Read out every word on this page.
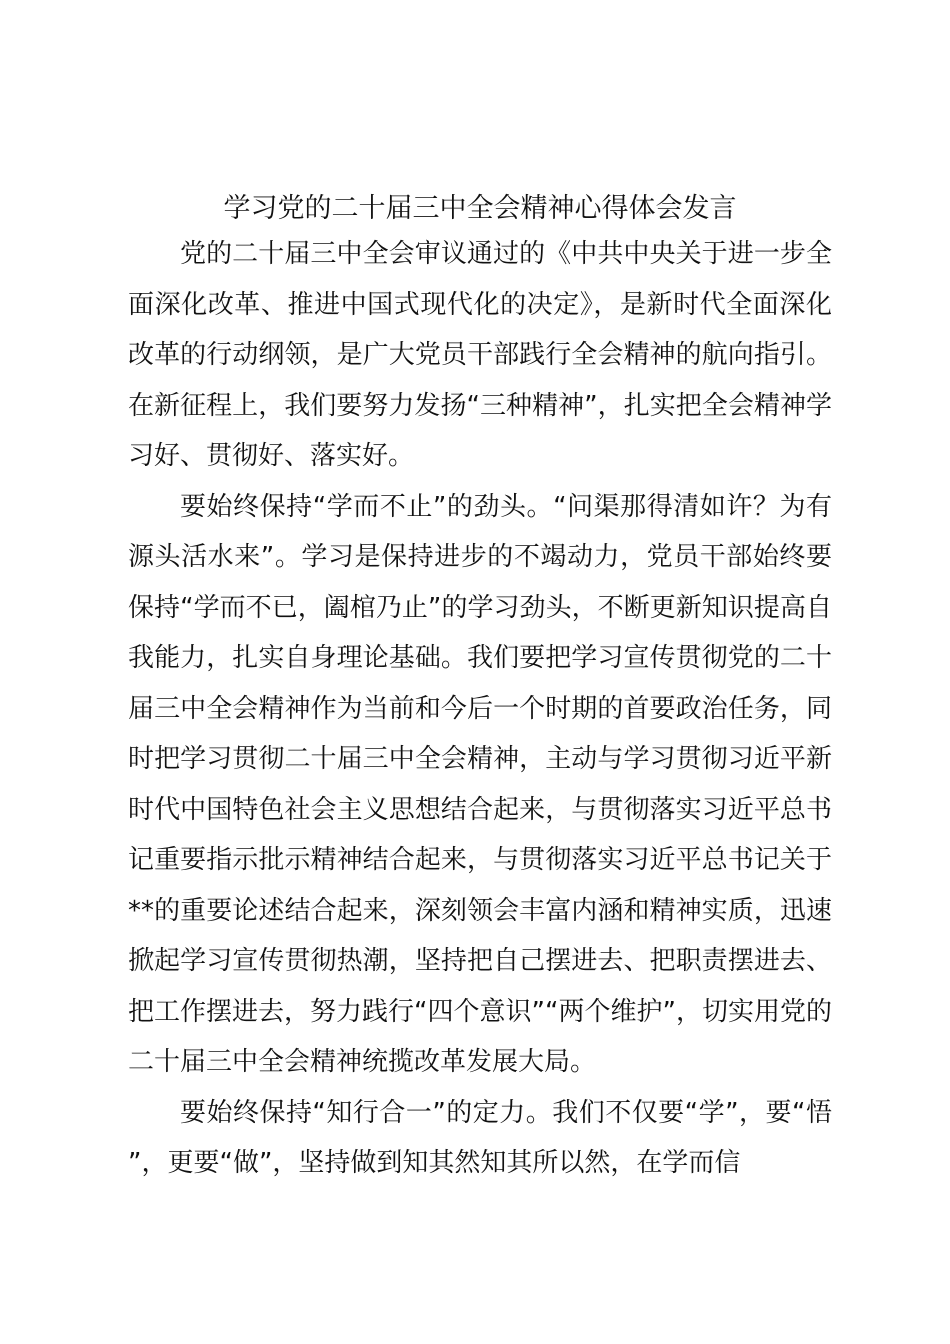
学习党的二十届三中全会精神心得体会发言

党的二十届三中全会审议通过的《中共中央关于进一步全面深化改革、推进中国式现代化的决定》，是新时代全面深化改革的行动纲领，是广大党员干部践行全会精神的航向指引。在新征程上，我们要努力发扬“三种精神”，扎实把全会精神学习好、贯彻好、落实好。

要始终保持“学而不止”的劲头。“问渠那得清如许？为有源头活水来”。学习是保持进步的不竭动力，党员干部始终要保持“学而不已，阖棺乃止”的学习劲头，不断更新知识提高自我能力，扎实自身理论基础。我们要把学习宣传贯彻党的二十届三中全会精神作为当前和今后一个时期的首要政治任务，同时把学习贯彻二十届三中全会精神，主动与学习贯彻习近平新时代中国特色社会主义思想结合起来，与贯彻落实习近平总书记重要指示批示精神结合起来，与贯彻落实习近平总书记关于**的重要论述结合起来，深刻领会丰富内涵和精神实质，迅速掀起学习宣传贯彻热潮，坚持把自己摆进去、把职责摆进去、把工作摆进去，努力践行“四个意识”“两个维护”，切实用党的二十届三中全会精神统揽改革发展大局。

要始终保持“知行合一”的定力。我们不仅要“学”，要“悟”，更要“做”，坚持做到知其然知其所以然，在学而信
